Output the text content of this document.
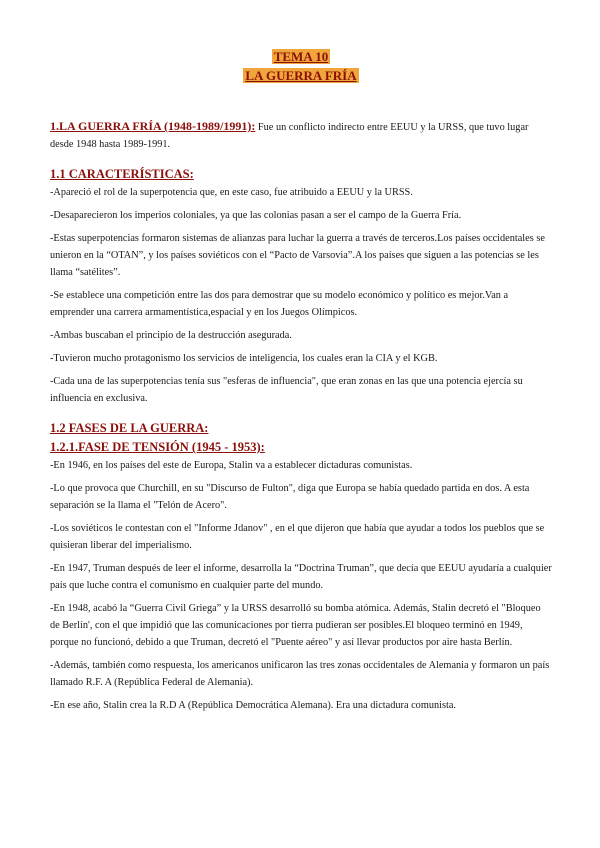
TEMA 10
LA GUERRA FRÍA

1.LA GUERRA FRÍA (1948-1989/1991): Fue un conflicto indirecto entre EEUU y la URSS, que tuvo lugar desde 1948 hasta 1989-1991.

1.1 CARACTERÍSTICAS:

-Apareció el rol de la superpotencia que, en este caso, fue atribuido a EEUU y la URSS.

-Desaparecieron los imperios coloniales, ya que las colonias pasan a ser el campo de la Guerra Fría.

-Estas superpotencias formaron sistemas de alianzas para luchar la guerra a través de terceros.Los países occidentales se unieron en la “OTAN”, y los países soviéticos con el “Pacto de Varsovia”.A los países que siguen a las potencias se les llama “satélites”.

-Se establece una competición entre las dos para demostrar que su modelo económico y político es mejor.Van a emprender una carrera armamentística,espacial y en los Juegos Olímpicos.

-Ambas buscaban el principio de la destrucción asegurada.

-Tuvieron mucho protagonismo los servicios de inteligencia, los cuales eran la CIA y el KGB.

-Cada una de las superpotencias tenía sus "esferas de influencia", que eran zonas en las que una potencia ejercía su influencia en exclusiva.

1.2 FASES DE LA GUERRA:

1.2.1.FASE DE TENSIÓN (1945 - 1953):

-En 1946, en los países del este de Europa, Stalin va a establecer dictaduras comunistas.

-Lo que provoca que Churchill, en su "Discurso de Fulton", diga que Europa se había quedado partida en dos. A esta separación se la llama el "Telón de Acero".

-Los soviéticos le contestan con el "Informe Jdanov" , en el que dijeron que había que ayudar a todos los pueblos que se quisieran liberar del imperialismo.

-En 1947, Truman después de leer el informe, desarrolla la “Doctrina Truman”, que decía que EEUU ayudaría a cualquier país que luche contra el comunismo en cualquier parte del mundo.

-En 1948, acabó la “Guerra Civil Griega” y la URSS desarrolló su bomba atómica. Además, Stalin decretó el "Bloqueo de Berlín', con el que impidió que las comunicaciones por tierra pudieran ser posibles.El bloqueo terminó en 1949, porque no funcionó, debido a que Truman, decretó el "Puente aéreo" y así llevar productos por aire hasta Berlín.

-Además, también como respuesta, los americanos unificaron las tres zonas occidentales de Alemania y formaron un país llamado R.F. A (República Federal de Alemania).

-En ese año, Stalin crea la R.D A (República Democrática Alemana). Era una dictadura comunista.
